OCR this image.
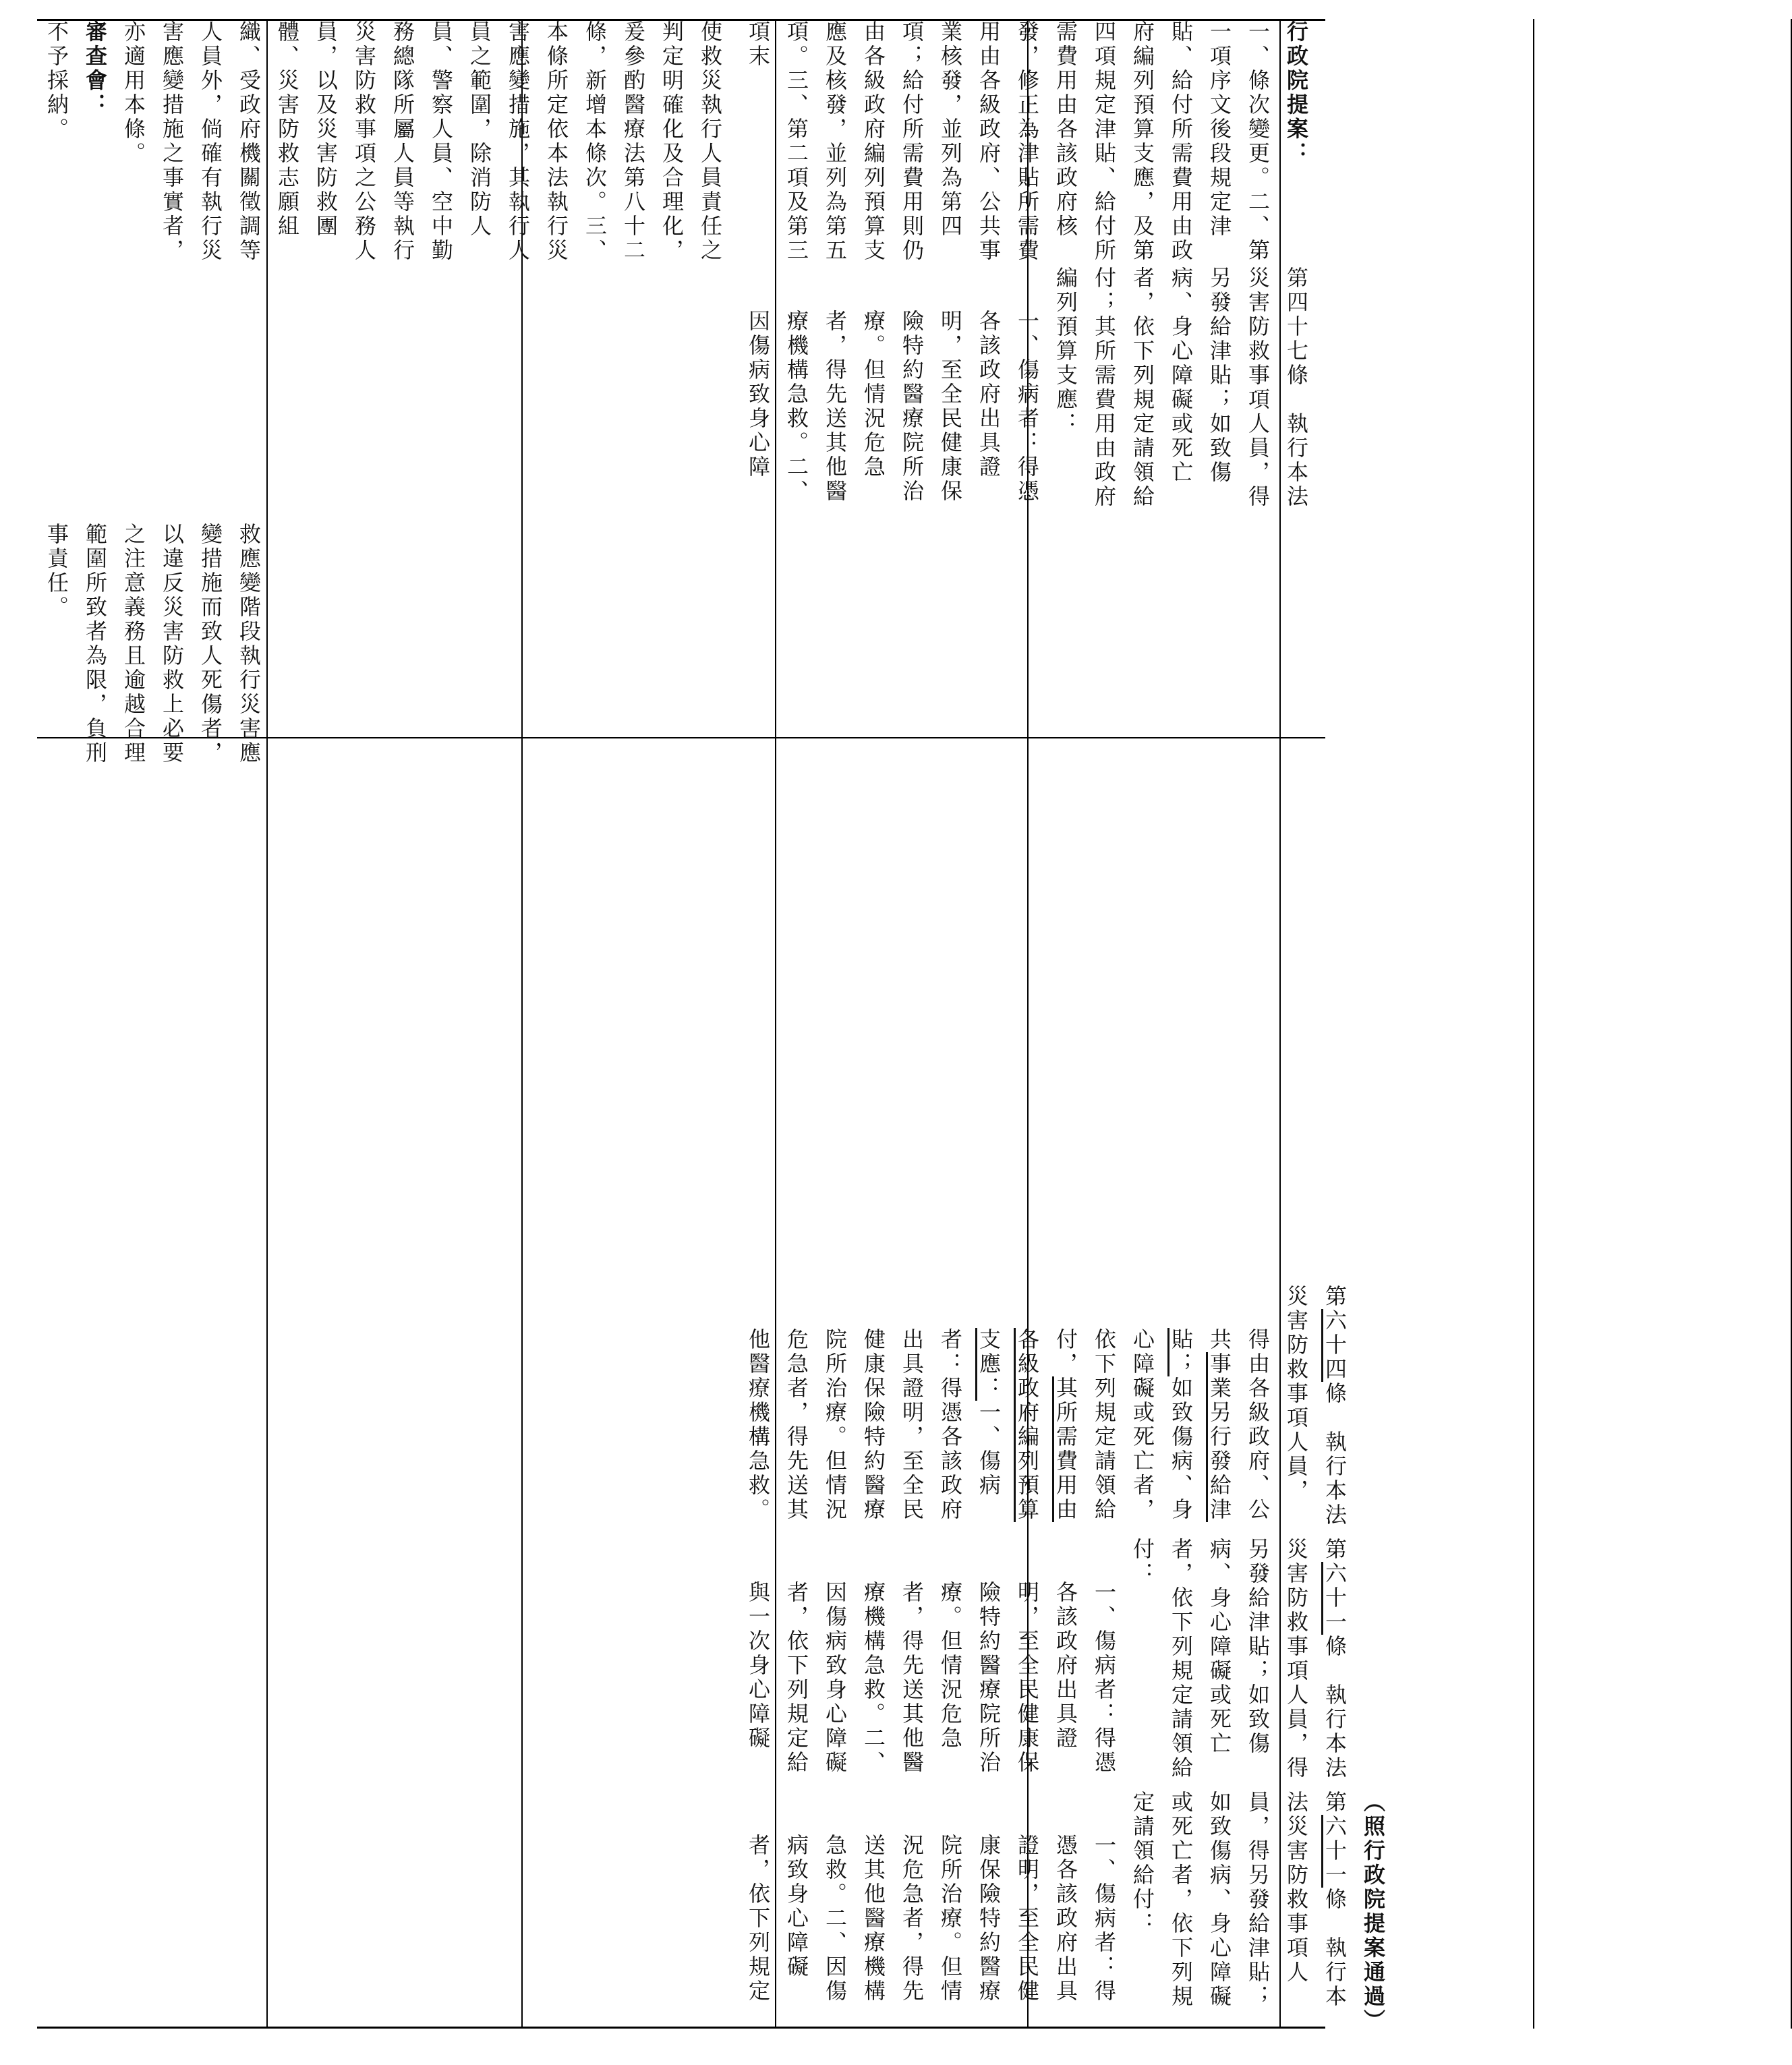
（照行政院提案通過）

第六十一條　執行本法災害防救事項人員，得另發給津貼；如致傷病、身心障礙或死亡者，依下列規定請領給付：

一、傷病者：得憑各該政府出具證明，至全民健康保險特約醫療院所治療。但情況危急者，得先送其他醫療機構急救。二、因傷病致身心障礙者，依下列規定

第六十一條　執行本法災害防救事項人員，得另發給津貼；如致傷病、身心障礙或死亡者，依下列規定請領給付：

一、傷病者：得憑各該政府出具證明，至全民健康保險特約醫療院所治療。但情況危急者，得先送其他醫療機構急救。二、因傷病致身心障礙者，依下列規定給與一次身心障礙

第六十四條　執行本法災害防救事項人員，

得由各級政府、公共事業另行發給津貼；如致傷病、身心障礙或死亡者，依下列規定請領給付，其所需費用由各級政府編列預算支應：一、傷病者：得憑各該政府出具證明，至全民健康保險特約醫療院所治療。但情況危急者，得先送其他醫療機構急救。

第四十七條　執行本法災害防救事項人員，得另發給津貼；如致傷病、身心障礙或死亡者，依下列規定請領給付；其所需費用由政府編列預算支應：

一、傷病者：得憑各該政府出具證明，至全民健康保險特約醫療院所治療。但情況危急者，得先送其他醫療機構急救。二、因傷病致身心障

行政院提案：

一、條次變更。二、第一項序文後段規定津貼、給付所需費用由政府編列預算支應，及第四項規定津貼、給付所需費用由各該政府核發，修正為津貼所需費用由各級政府、公共事業核發，並列為第四項；給付所需費用則仍由各級政府編列預算支應及核發，並列為第五項。三、第二項及第三項末

使救災執行人員責任之判定明確化及合理化，爰參酌醫療法第八十二條，新增本條次。三、本條所定依本法執行災害應變措施，其執行人員之範圍，除消防人員、警察人員、空中勤務總隊所屬人員等執行災害防救事項之公務人員，以及災害防救團體、災害防救志願組織、受政府機關徵調等人員外，倘確有執行災害應變措施之事實者，亦適用本條。

審查會：

不予採納。

救應變階段執行災害應變措施而致人死傷者，以違反災害防救上必要之注意義務且逾越合理範圍所致者為限，負刑事責任。
